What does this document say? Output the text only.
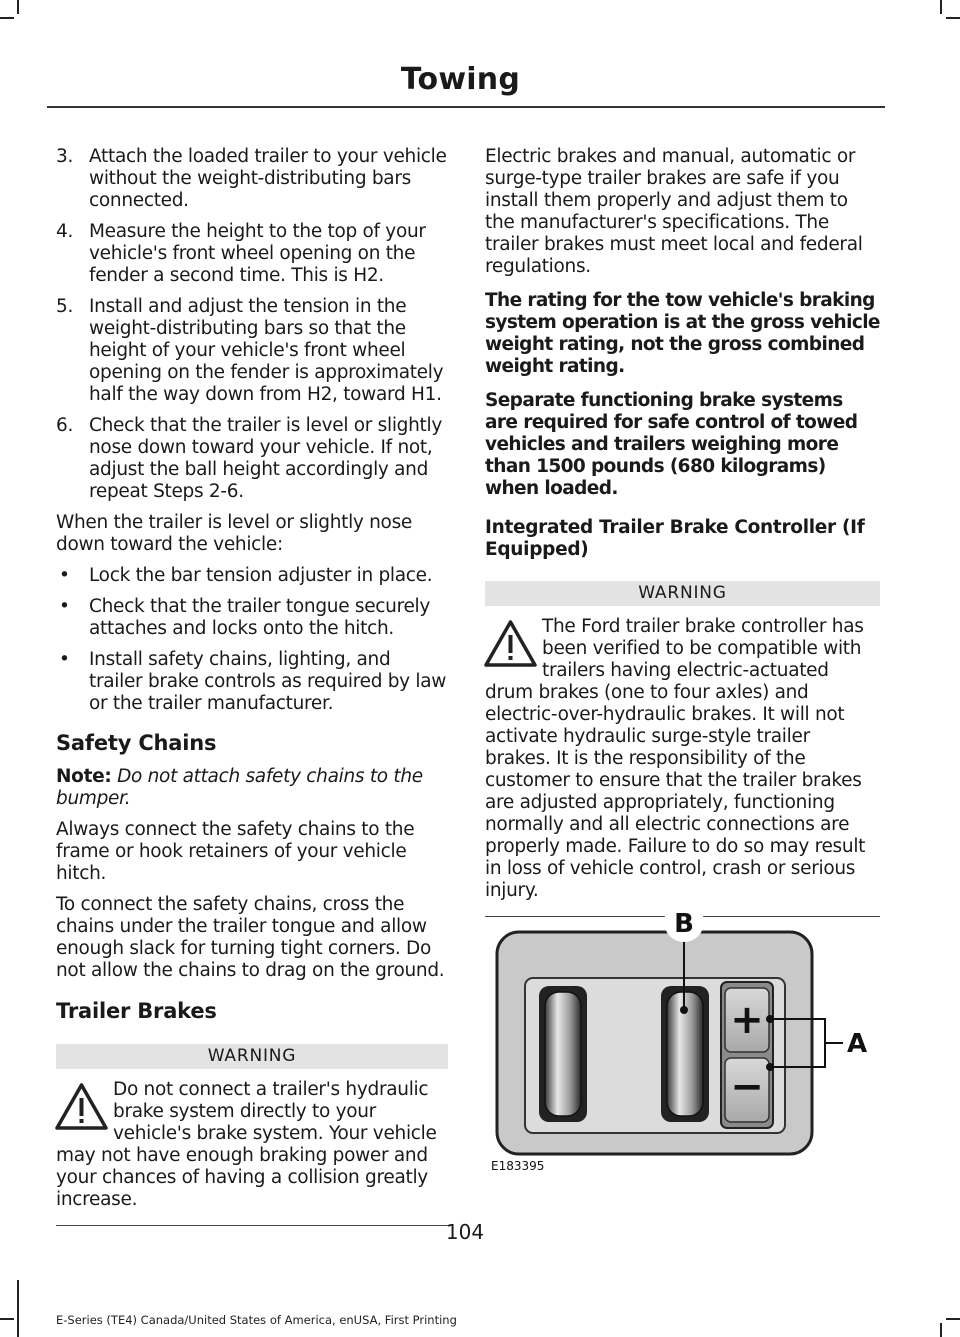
Towing
3. Attach the loaded trailer to your vehicle without the weight-distributing bars connected.
4. Measure the height to the top of your vehicle's front wheel opening on the fender a second time. This is H2.
5. Install and adjust the tension in the weight-distributing bars so that the height of your vehicle's front wheel opening on the fender is approximately half the way down from H2, toward H1.
6. Check that the trailer is level or slightly nose down toward your vehicle. If not, adjust the ball height accordingly and repeat Steps 2-6.

When the trailer is level or slightly nose down toward the vehicle:

• Lock the bar tension adjuster in place.
• Check that the trailer tongue securely attaches and locks onto the hitch.
• Install safety chains, lighting, and trailer brake controls as required by law or the trailer manufacturer.
Safety Chains

Note: Do not attach safety chains to the bumper.

Always connect the safety chains to the frame or hook retainers of your vehicle hitch.

To connect the safety chains, cross the chains under the trailer tongue and allow enough slack for turning tight corners. Do not allow the chains to drag on the ground.

Trailer Brakes
WARNING
Do not connect a trailer's hydraulic brake system directly to your vehicle's brake system. Your vehicle may not have enough braking power and your chances of having a collision greatly increase.

Electric brakes and manual, automatic or surge-type trailer brakes are safe if you install them properly and adjust them to the manufacturer's specifications. The trailer brakes must meet local and federal regulations.

The rating for the tow vehicle's braking system operation is at the gross vehicle weight rating, not the gross combined weight rating.

Separate functioning brake systems are required for safe control of towed vehicles and trailers weighing more than 1500 pounds (680 kilograms) when loaded.

Integrated Trailer Brake Controller (If Equipped)
WARNING
The Ford trailer brake controller has been verified to be compatible with trailers having electric-actuated drum brakes (one to four axles) and electric-over-hydraulic brakes. It will not activate hydraulic surge-style trailer brakes. It is the responsibility of the customer to ensure that the trailer brakes are adjusted appropriately, functioning normally and all electric connections are properly made. Failure to do so may result in loss of vehicle control, crash or serious injury.
+
−
B
A
E183395
104
E-Series (TE4) Canada/United States of America, enUSA, First Printing
